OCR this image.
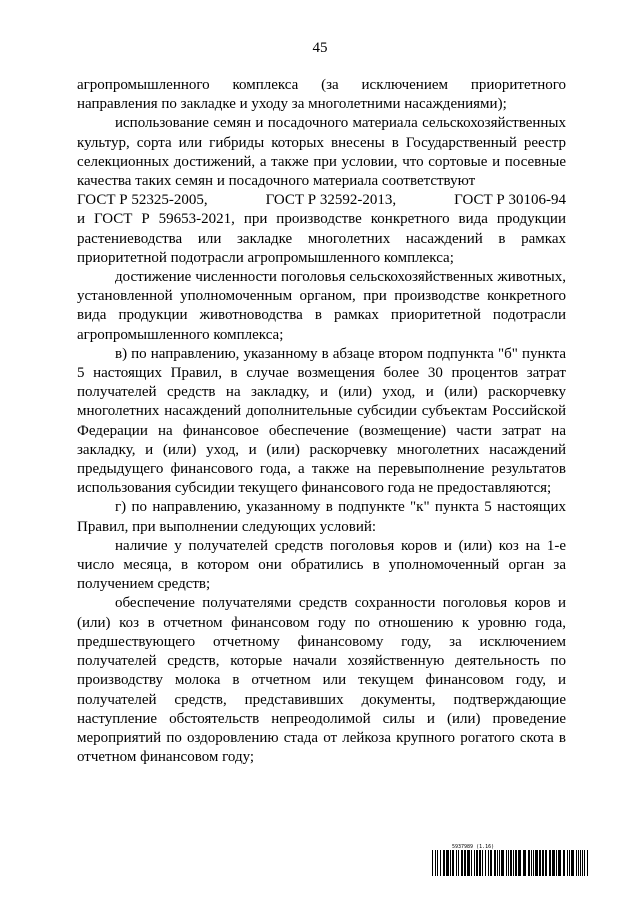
45

агропромышленного комплекса (за исключением приоритетного направления по закладке и уходу за многолетними насаждениями);

использование семян и посадочного материала сельскохозяйственных культур, сорта или гибриды которых внесены в Государственный реестр селекционных достижений, а также при условии, что сортовые и посевные качества таких семян и посадочного материала соответствуют

ГОСТ Р 52325-2005,	ГОСТ Р 32592-2013,	ГОСТ Р 30106-94

и ГОСТ Р 59653-2021, при производстве конкретного вида продукции растениеводства или закладке многолетних насаждений в рамках приоритетной подотрасли агропромышленного комплекса;

достижение численности поголовья сельскохозяйственных животных, установленной уполномоченным органом, при производстве конкретного вида продукции животноводства в рамках приоритетной подотрасли агропромышленного комплекса;

в) по направлению, указанному в абзаце втором подпункта "б" пункта 5 настоящих Правил, в случае возмещения более 30 процентов затрат получателей средств на закладку, и (или) уход, и (или) раскорчевку многолетних насаждений дополнительные субсидии субъектам Российской Федерации на финансовое обеспечение (возмещение) части затрат на закладку, и (или) уход, и (или) раскорчевку многолетних насаждений предыдущего финансового года, а также на перевыполнение результатов использования субсидии текущего финансового года не предоставляются;

г) по направлению, указанному в подпункте "к" пункта 5 настоящих Правил, при выполнении следующих условий:

наличие у получателей средств поголовья коров и (или) коз на 1-е число месяца, в котором они обратились в уполномоченный орган за получением средств;

обеспечение получателями средств сохранности поголовья коров и (или) коз в отчетном финансовом году по отношению к уровню года, предшествующего отчетному финансовому году, за исключением получателей средств, которые начали хозяйственную деятельность по производству молока в отчетном или текущем финансовом году, и получателей средств, представивших документы, подтверждающие наступление обстоятельств непреодолимой силы и (или) проведение мероприятий по оздоровлению стада от лейкоза крупного рогатого скота в отчетном финансовом году;

5937989 (1.16)
